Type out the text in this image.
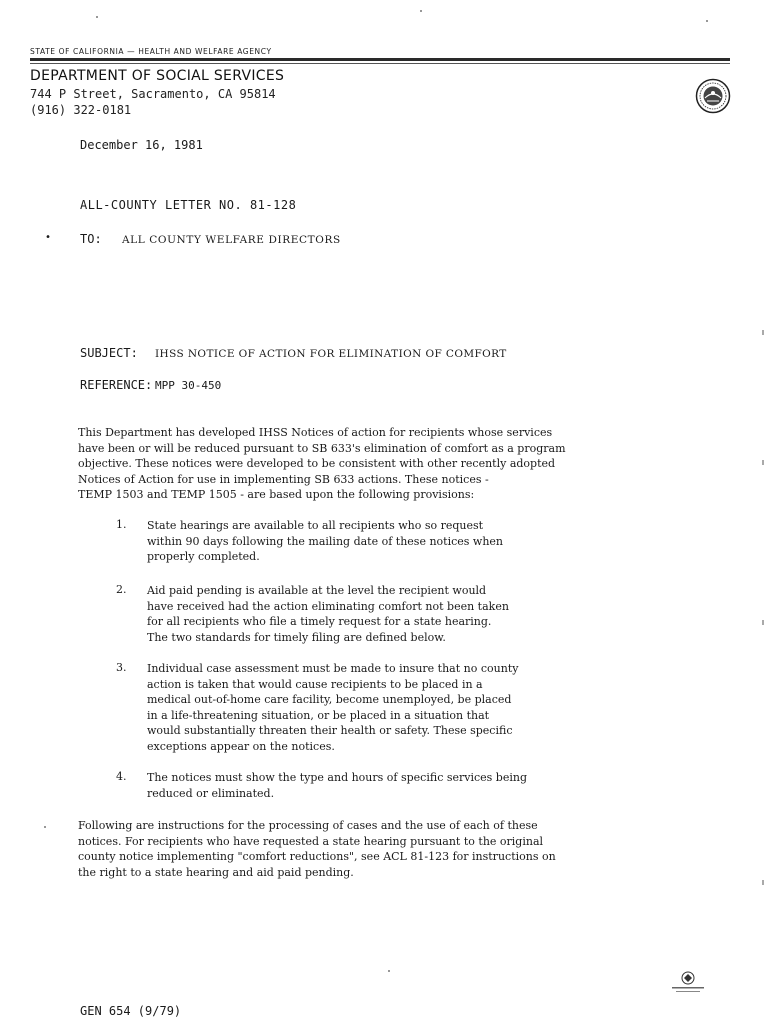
STATE OF CALIFORNIA — HEALTH AND WELFARE AGENCY
DEPARTMENT OF SOCIAL SERVICES
744 P Street, Sacramento, CA 95814
(916) 322-0181
December 16, 1981
ALL-COUNTY LETTER NO. 81-128
• TO: ALL COUNTY WELFARE DIRECTORS
SUBJECT: IHSS NOTICE OF ACTION FOR ELIMINATION OF COMFORT
REFERENCE: MPP 30-450
This Department has developed IHSS Notices of action for recipients whose services
have been or will be reduced pursuant to SB 633's elimination of comfort as a program
objective. These notices were developed to be consistent with other recently adopted
Notices of Action for use in implementing SB 633 actions. These notices -
TEMP 1503 and TEMP 1505 - are based upon the following provisions:
1. State hearings are available to all recipients who so request
within 90 days following the mailing date of these notices when
properly completed.
2. Aid paid pending is available at the level the recipient would
have received had the action eliminating comfort not been taken
for all recipients who file a timely request for a state hearing.
The two standards for timely filing are defined below.
3. Individual case assessment must be made to insure that no county
action is taken that would cause recipients to be placed in a
medical out-of-home care facility, become unemployed, be placed
in a life-threatening situation, or be placed in a situation that
would substantially threaten their health or safety. These specific
exceptions appear on the notices.
4. The notices must show the type and hours of specific services being
reduced or eliminated.
Following are instructions for the processing of cases and the use of each of these
notices. For recipients who have requested a state hearing pursuant to the original
county notice implementing "comfort reductions", see ACL 81-123 for instructions on
the right to a state hearing and aid paid pending.
GEN 654 (9/79)
